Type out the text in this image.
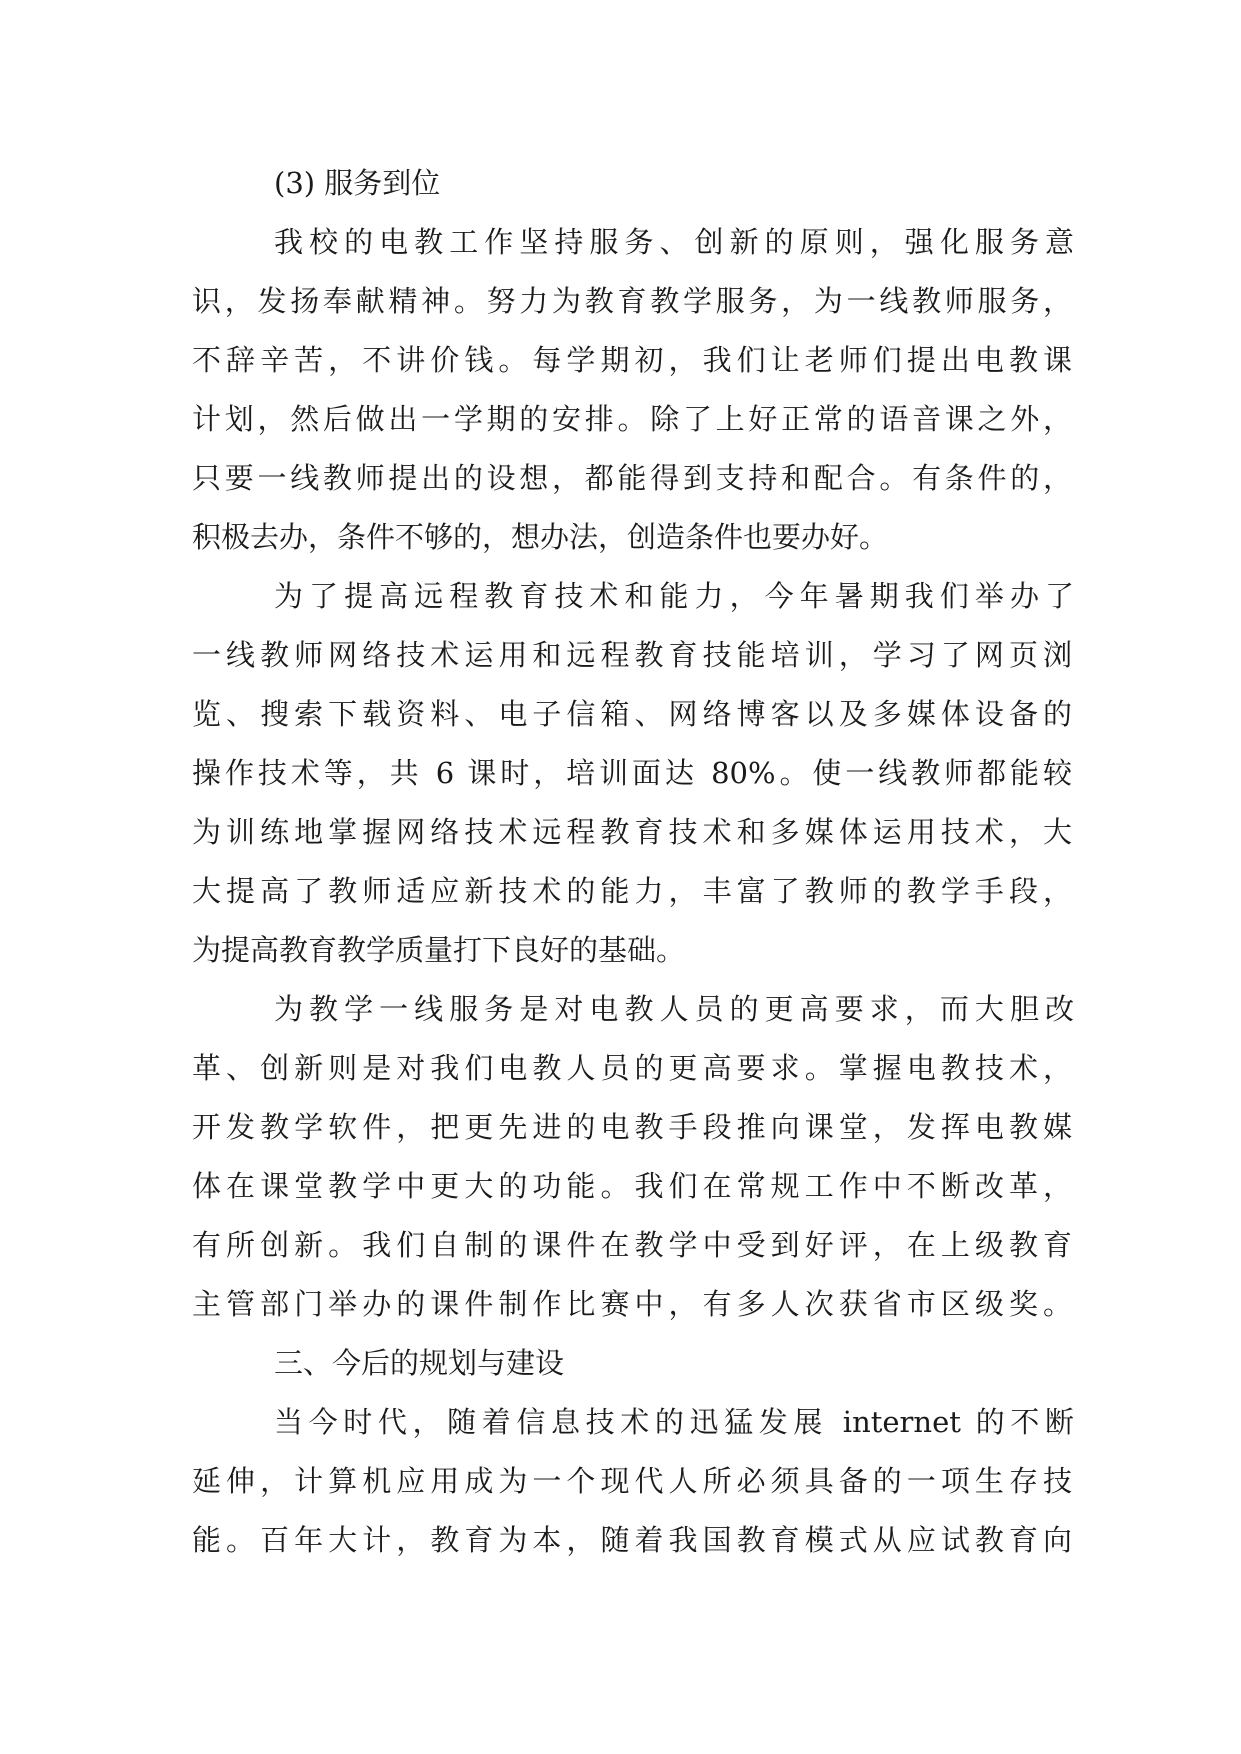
(3) 服务到位
我校的电教工作坚持服务、创新的原则，强化服务意
识，发扬奉献精神。努力为教育教学服务，为一线教师服务，
不辞辛苦，不讲价钱。每学期初，我们让老师们提出电教课
计划，然后做出一学期的安排。除了上好正常的语音课之外，
只要一线教师提出的设想，都能得到支持和配合。有条件的，
积极去办，条件不够的，想办法，创造条件也要办好。
为了提高远程教育技术和能力，今年暑期我们举办了
一线教师网络技术运用和远程教育技能培训，学习了网页浏
览、搜索下载资料、电子信箱、网络博客以及多媒体设备的
操作技术等，共 6 课时，培训面达 80%。使一线教师都能较
为训练地掌握网络技术远程教育技术和多媒体运用技术，大
大提高了教师适应新技术的能力，丰富了教师的教学手段，
为提高教育教学质量打下良好的基础。
为教学一线服务是对电教人员的更高要求，而大胆改
革、创新则是对我们电教人员的更高要求。掌握电教技术，
开发教学软件，把更先进的电教手段推向课堂，发挥电教媒
体在课堂教学中更大的功能。我们在常规工作中不断改革，
有所创新。我们自制的课件在教学中受到好评，在上级教育
主管部门举办的课件制作比赛中，有多人次获省市区级奖。
三、今后的规划与建设
当今时代，随着信息技术的迅猛发展 internet 的不断
延伸，计算机应用成为一个现代人所必须具备的一项生存技
能。百年大计，教育为本，随着我国教育模式从应试教育向
